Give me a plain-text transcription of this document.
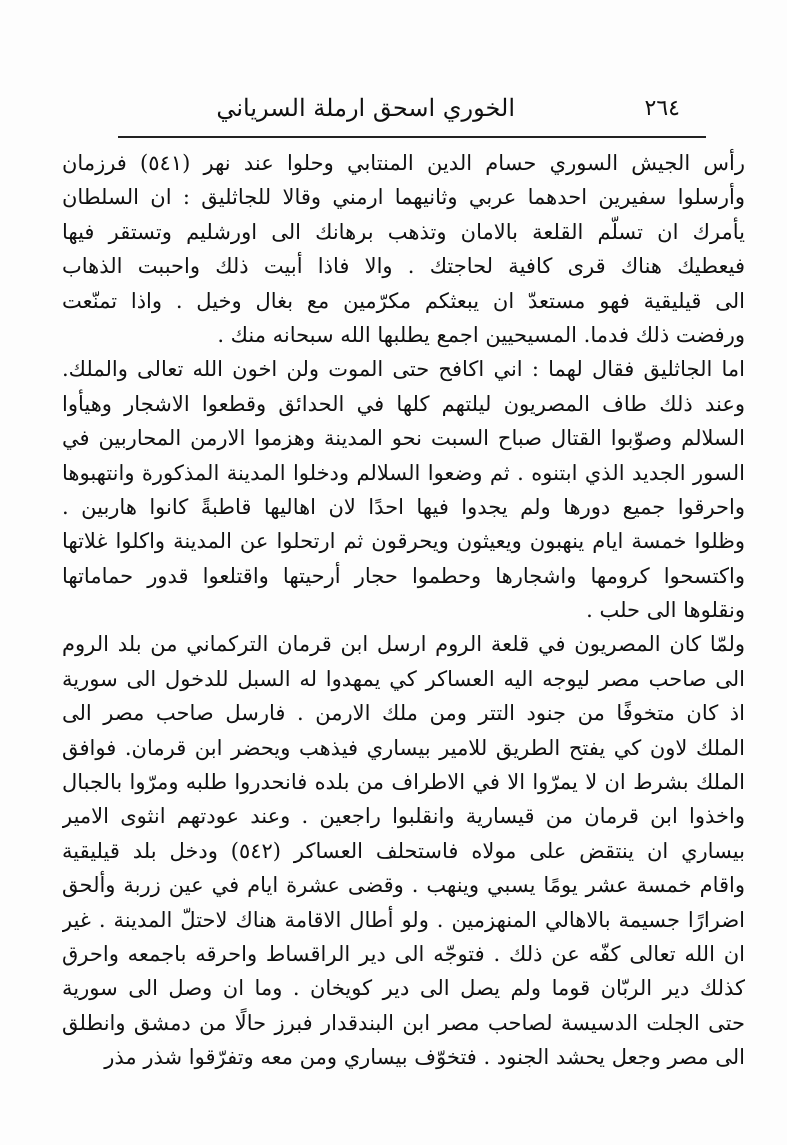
٢٦٤
الخوري اسحق ارملة السرياني
رأس الجيش السوري حسام الدين المنتابي وحلوا عند نهر (٥٤١) فرزمان
وأرسلوا سفيرين احدهما عربي وثانيهما ارمني وقالا للجاثليق : ان السلطان
يأمرك ان تسلّم القلعة بالامان وتذهب برهانك الى اورشليم وتستقر فيها
فيعطيك هناك قرى كافية لحاجتك . والا فاذا أبيت ذلك واحببت الذهاب
الى قيليقية فهو مستعدّ ان يبعثكم مكرّمين مع بغال وخيل . واذا تمنّعت
ورفضت ذلك فدما. المسيحيين اجمع يطلبها الله سبحانه منك .
اما الجاثليق فقال لهما : اني اكافح حتى الموت ولن اخون الله تعالى والملك.
وعند ذلك طاف المصريون ليلتهم كلها في الحدائق وقطعوا الاشجار وهيأوا
السلالم وصوّبوا القتال صباح السبت نحو المدينة وهزموا الارمن المحاربين في
السور الجديد الذي ابتنوه . ثم وضعوا السلالم ودخلوا المدينة المذكورة وانتهبوها
واحرقوا جميع دورها ولم يجدوا فيها احدًا لان اهاليها قاطبةً كانوا هاربين .
وظلوا خمسة ايام ينهبون ويعيثون ويحرقون ثم ارتحلوا عن المدينة واكلوا غلاتها
واكتسحوا كرومها واشجارها وحطموا حجار أرحيتها واقتلعوا قدور حماماتها
ونقلوها الى حلب .
ولمّا كان المصريون في قلعة الروم ارسل ابن قرمان التركماني من بلد الروم
الى صاحب مصر ليوجه اليه العساكر كي يمهدوا له السبل للدخول الى سورية
اذ كان متخوفًا من جنود التتر ومن ملك الارمن . فارسل صاحب مصر الى
الملك لاون كي يفتح الطريق للامير بيساري فيذهب ويحضر ابن قرمان. فوافق
الملك بشرط ان لا يمرّوا الا في الاطراف من بلده فانحدروا طلبه ومرّوا بالجبال
واخذوا ابن قرمان من قيسارية وانقلبوا راجعين . وعند عودتهم انثوى الامير
بيساري ان ينتقض على مولاه فاستحلف العساكر (٥٤٢) ودخل بلد قيليقية
واقام خمسة عشر يومًا يسبي وينهب . وقضى عشرة ايام في عين زربة وألحق
اضرارًا جسيمة بالاهالي المنهزمين . ولو أطال الاقامة هناك لاحتلّ المدينة . غير
ان الله تعالى كفّه عن ذلك . فتوجّه الى دير الراقساط واحرقه باجمعه واحرق
كذلك دير الربّان قوما ولم يصل الى دير كويخان . وما ان وصل الى سورية
حتى الجلت الدسيسة لصاحب مصر ابن البندقدار فبرز حالًا من دمشق وانطلق
الى مصر وجعل يحشد الجنود . فتخوّف بيساري ومن معه وتفرّقوا شذر مذر
